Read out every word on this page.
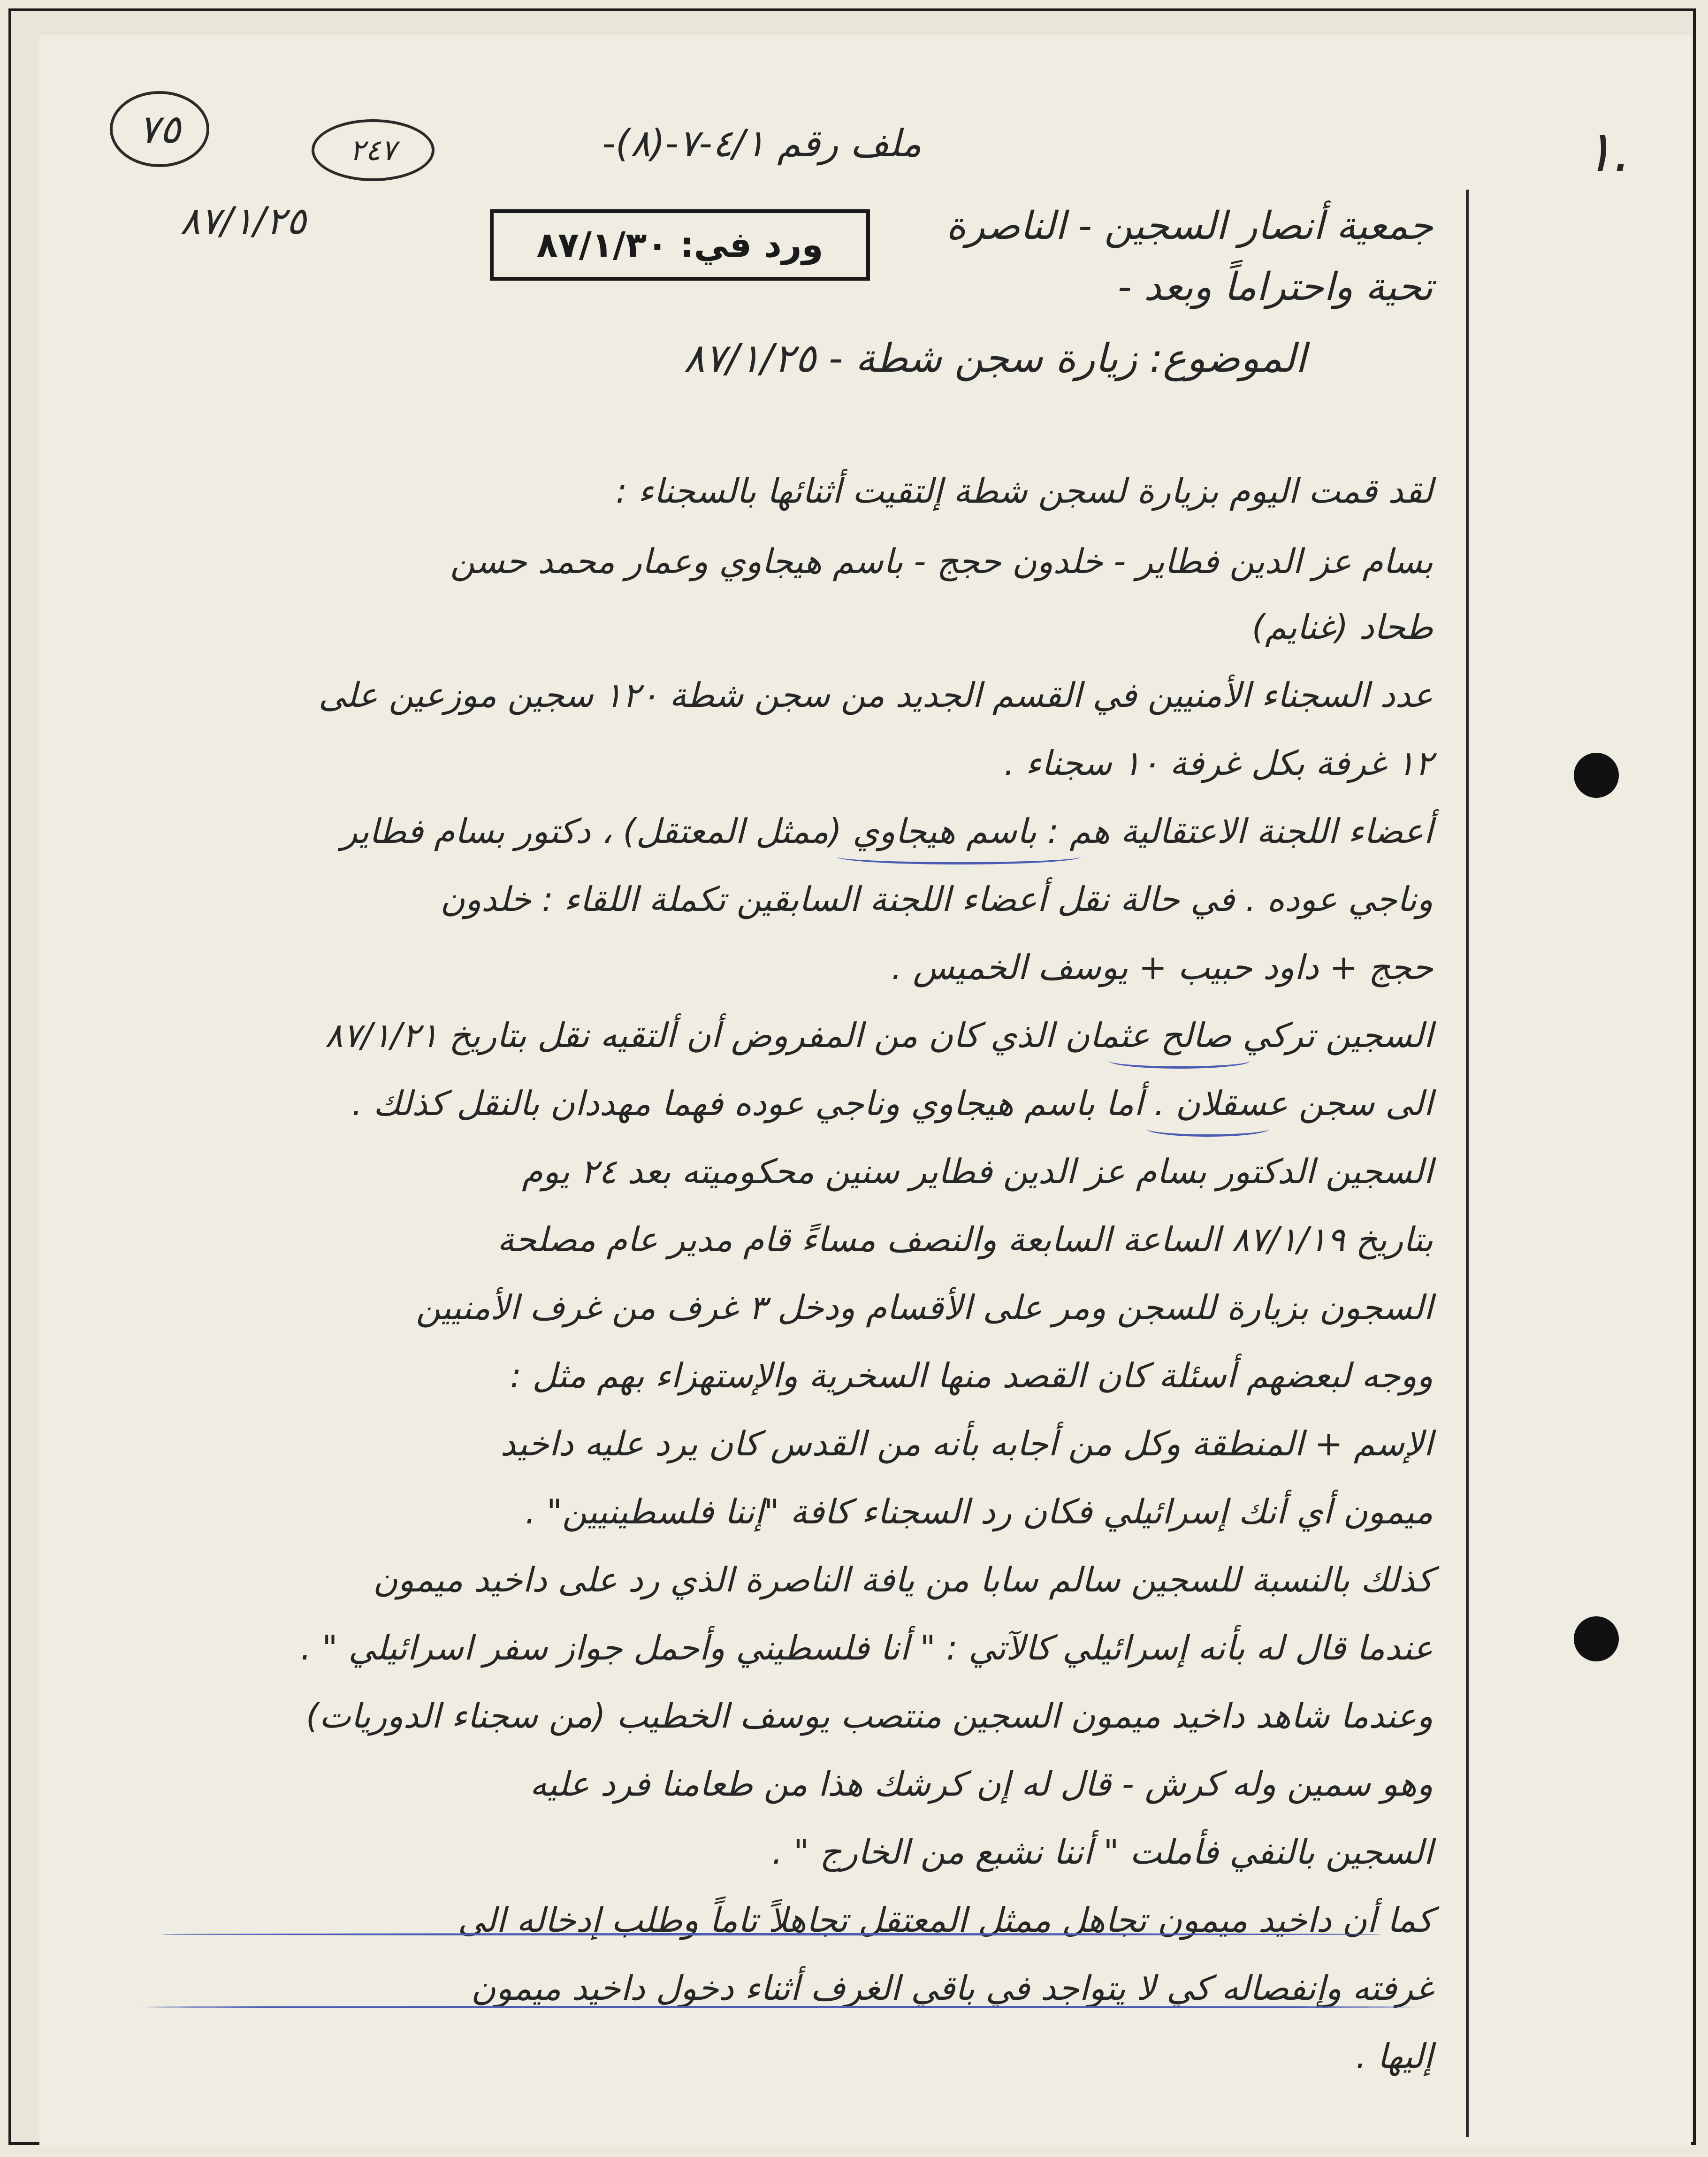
٧٥	٢٤٧	ملف رقم ٤/١-٧-(٨)-
ورد في: ٨٧/١/٣٠
٨٧/١/٢٥
١.
جمعية أنصار السجين - الناصرة
تحية واحتراماً وبعد -
الموضوع: زيارة سجن شطة - ٨٧/١/٢٥
لقد قمت اليوم بزيارة لسجن شطة إلتقيت أثنائها بالسجناء :
بسام عز الدين فطاير - خلدون حجج - باسم هيجاوي وعمار محمد حسن
طحاد (غنايم)
عدد السجناء الأمنيين في القسم الجديد من سجن شطة ١٢٠ سجين موزعين على
١٢ غرفة بكل غرفة ١٠ سجناء .
أعضاء اللجنة الاعتقالية هم : باسم هيجاوي (ممثل المعتقل) ، دكتور بسام فطاير
وناجي عوده . في حالة نقل أعضاء اللجنة السابقين تكملة اللقاء : خلدون
حجج + داود حبيب + يوسف الخميس .
السجين تركي صالح عثمان الذي كان من المفروض أن ألتقيه نقل بتاريخ ٨٧/١/٢١
الى سجن عسقلان . أما باسم هيجاوي وناجي عوده فهما مهددان بالنقل كذلك .
السجين الدكتور بسام عز الدين فطاير سنين محكوميته بعد ٢٤ يوم
بتاريخ ٨٧/١/١٩ الساعة السابعة والنصف مساءً قام مدير عام مصلحة
السجون بزيارة للسجن ومر على الأقسام ودخل ٣ غرف من غرف الأمنيين
ووجه لبعضهم أسئلة كان القصد منها السخرية والإستهزاء بهم مثل :
الإسم + المنطقة وكل من أجابه بأنه من القدس كان يرد عليه داخيد
ميمون أي أنك إسرائيلي فكان رد السجناء كافة "إننا فلسطينيين" .
كذلك بالنسبة للسجين سالم سابا من يافة الناصرة الذي رد على داخيد ميمون
عندما قال له بأنه إسرائيلي كالآتي : " أنا فلسطيني وأحمل جواز سفر اسرائيلي " .
وعندما شاهد داخيد ميمون السجين منتصب يوسف الخطيب (من سجناء الدوريات)
وهو سمين وله كرش - قال له إن كرشك هذا من طعامنا فرد عليه
السجين بالنفي فأملت " أننا نشبع من الخارج " .
كما أن داخيد ميمون تجاهل ممثل المعتقل تجاهلاً تاماً وطلب إدخاله الى
غرفته وإنفصاله كي لا يتواجد في باقي الغرف أثناء دخول داخيد ميمون
إليها .
